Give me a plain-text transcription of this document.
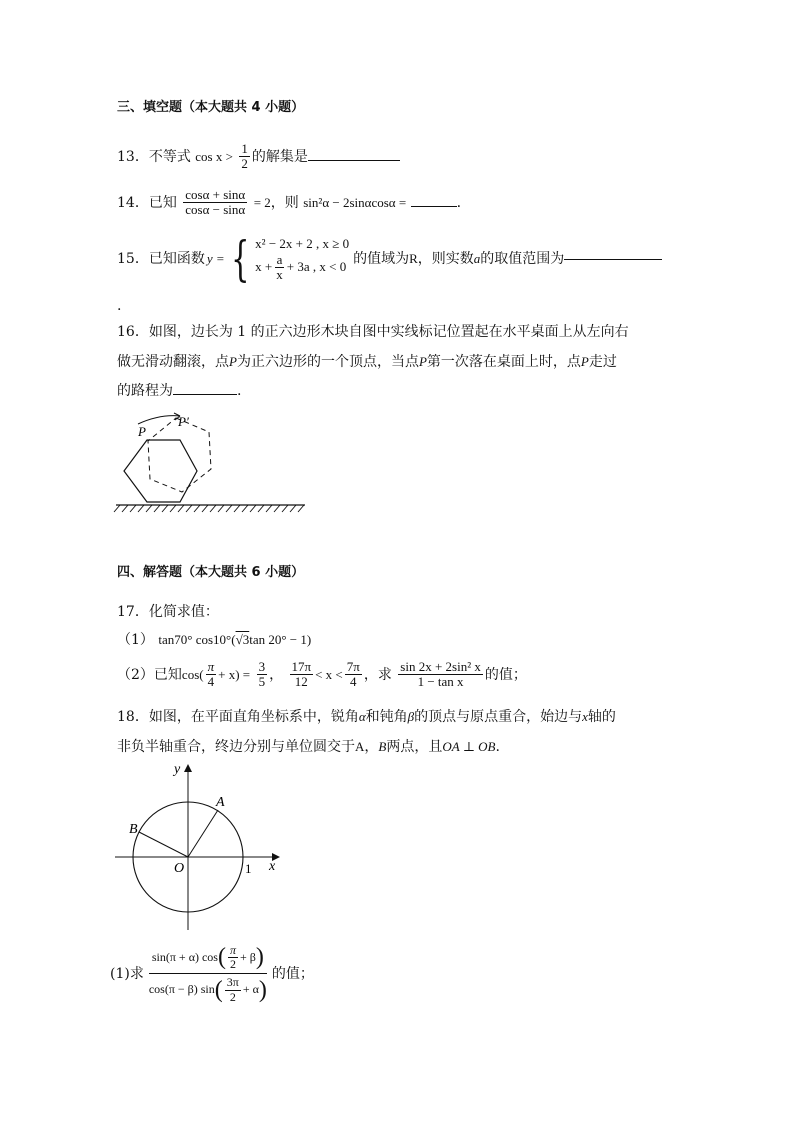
三、填空题（本大题共 4 小题）
13．不等式 $\cos x > \frac{1}{2}$ 的解集是
14．已知 $\frac{\cos\alpha + \sin\alpha}{\cos\alpha - \sin\alpha} = 2$，则 sin²α − 2sinαcosα =	.
15． 已知函数 y = { x² − 2x + 2 , x ≥ 0
$x + \frac{a}{x} + 3a$ , x < 0 的值域为 R ，则实数 a 的取值范围为
.
16．如图，边长为 1 的正六边形木块自图中实线标记位置起在水平桌面上从左向右
做无滑动翻滚，点P为正六边形的一个顶点，当点P第一次落在桌面上时，点P走过
的路程为	.
P
P′
四、解答题（本大题共 6 小题）
17．化简求值：
（1） tan70° cos10°(√3tan 20° − 1)
（2）已知$\cos( \frac{\pi}{4} + x) = \frac{3}{5}$ ， $\frac{17\pi}{12} < x < \frac{7\pi}{4}$ ，求 $\frac{\text{sin 2x + 2sin² x}}{\text{1 − tan x}}$ 的值；
18．如图，在平面直角坐标系中，锐角α和钝角β的顶点与原点重合，始边与x轴的
非负半轴重合，终边分别与单位圆交于A，B两点，且OA ⊥ OB.
y
x
O	1
A
B
(1)求 $\frac{\sin(\pi + \alpha) \cos ( \frac{\pi}{2} + \beta )}{\cos(\pi - \beta) \sin ( \frac{3\pi}{2} + \alpha )}$ 的值；
